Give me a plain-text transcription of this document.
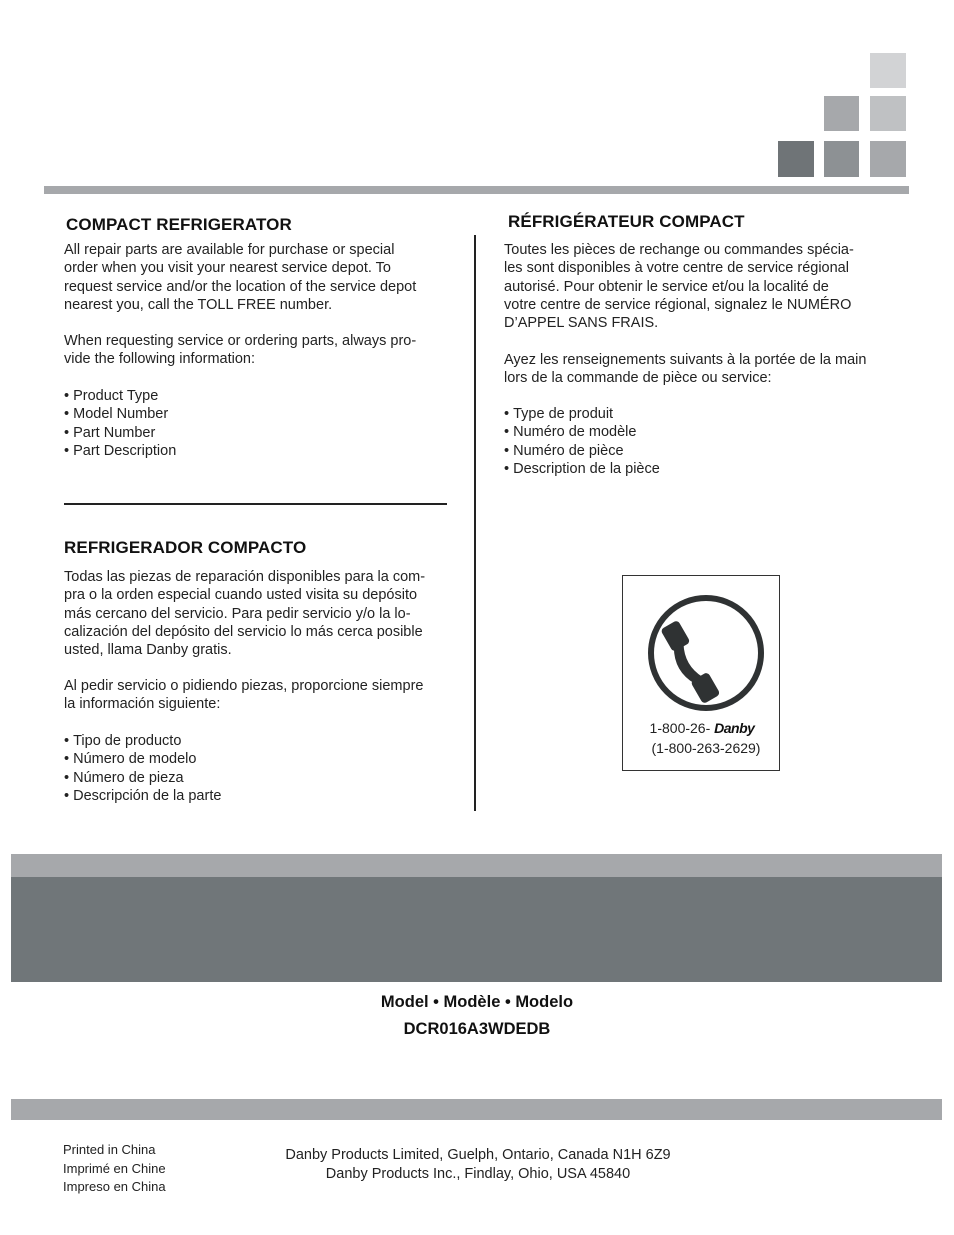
COMPACT REFRIGERATOR

All repair parts are available for purchase or special
order when you visit your nearest service depot. To
request service and/or the location of the service depot
nearest you, call the TOLL FREE number.

When requesting service or ordering parts, always pro-
vide the following information:

• Product Type
• Model Number
• Part Number
• Part Description
REFRIGERADOR COMPACTO

Todas las piezas de reparación disponibles para la com-
pra o la orden especial cuando usted visita su depósito
más cercano del servicio. Para pedir servicio y/o la lo-
calización del depósito del servicio lo más cerca posible
usted, llama Danby gratis.

Al pedir servicio o pidiendo piezas, proporcione siempre
la información siguiente:

• Tipo de producto
• Número de modelo
• Número de pieza
• Descripción de la parte
RÉFRIGÉRATEUR COMPACT

Toutes les pièces de rechange ou commandes spécia-
les sont disponibles à votre centre de service régional
autorisé. Pour obtenir le service et/ou la localité de
votre centre de service régional, signalez le NUMÉRO
D’APPEL SANS FRAIS.

Ayez les renseignements suivants à la portée de la main
lors de la commande de pièce ou service:

• Type de produit
• Numéro de modèle
• Numéro de pièce
• Description de la pièce
1-800-26- Danby
(1-800-263-2629)
Model • Modèle • Modelo
DCR016A3WDEDB
Printed in China
Imprimé en Chine
Impreso en China
Danby Products Limited, Guelph, Ontario, Canada N1H 6Z9
Danby Products Inc., Findlay, Ohio, USA 45840
